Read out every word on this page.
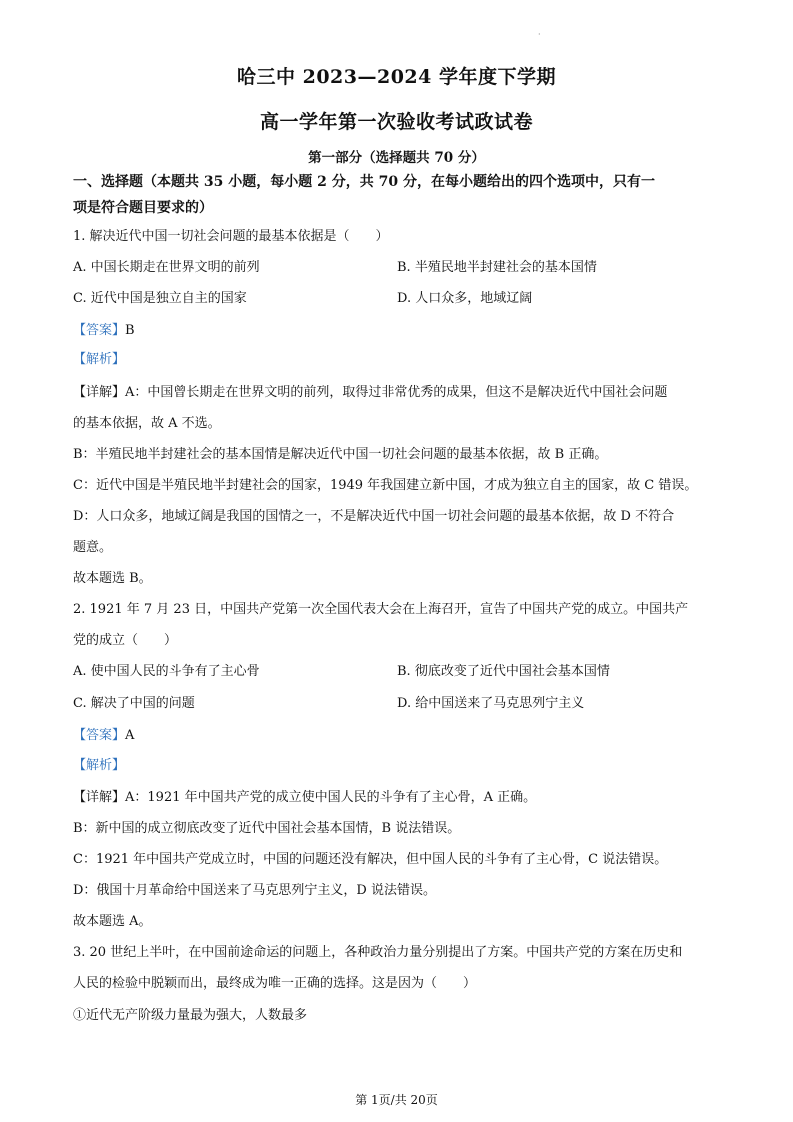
·
哈三中 2023—2024 学年度下学期
高一学年第一次验收考试政试卷
第一部分（选择题共 70 分）
一、选择题（本题共 35 小题，每小题 2 分，共 70 分，在每小题给出的四个选项中，只有一
项是符合题目要求的）
1. 解决近代中国一切社会问题的最基本依据是（　　）
A. 中国长期走在世界文明的前列	B. 半殖民地半封建社会的基本国情
C. 近代中国是独立自主的国家	D. 人口众多，地域辽阔
【答案】B
【解析】
【详解】A：中国曾长期走在世界文明的前列，取得过非常优秀的成果，但这不是解决近代中国社会问题
的基本依据，故 A 不选。
B：半殖民地半封建社会的基本国情是解决近代中国一切社会问题的最基本依据，故 B 正确。
C：近代中国是半殖民地半封建社会的国家，1949 年我国建立新中国，才成为独立自主的国家，故 C 错误。
D：人口众多，地域辽阔是我国的国情之一，不是解决近代中国一切社会问题的最基本依据，故 D 不符合
题意。
故本题选 B。
2. 1921 年 7 月 23 日，中国共产党第一次全国代表大会在上海召开，宣告了中国共产党的成立。中国共产
党的成立（　　）
A. 使中国人民的斗争有了主心骨	B. 彻底改变了近代中国社会基本国情
C. 解决了中国的问题	D. 给中国送来了马克思列宁主义
【答案】A
【解析】
【详解】A：1921 年中国共产党的成立使中国人民的斗争有了主心骨，A 正确。
B：新中国的成立彻底改变了近代中国社会基本国情，B 说法错误。
C：1921 年中国共产党成立时，中国的问题还没有解决，但中国人民的斗争有了主心骨，C 说法错误。
D：俄国十月革命给中国送来了马克思列宁主义，D 说法错误。
故本题选 A。
3. 20 世纪上半叶，在中国前途命运的问题上，各种政治力量分别提出了方案。中国共产党的方案在历史和
人民的检验中脱颖而出，最终成为唯一正确的选择。这是因为（　　）
①近代无产阶级力量最为强大，人数最多
第 1页/共 20页
